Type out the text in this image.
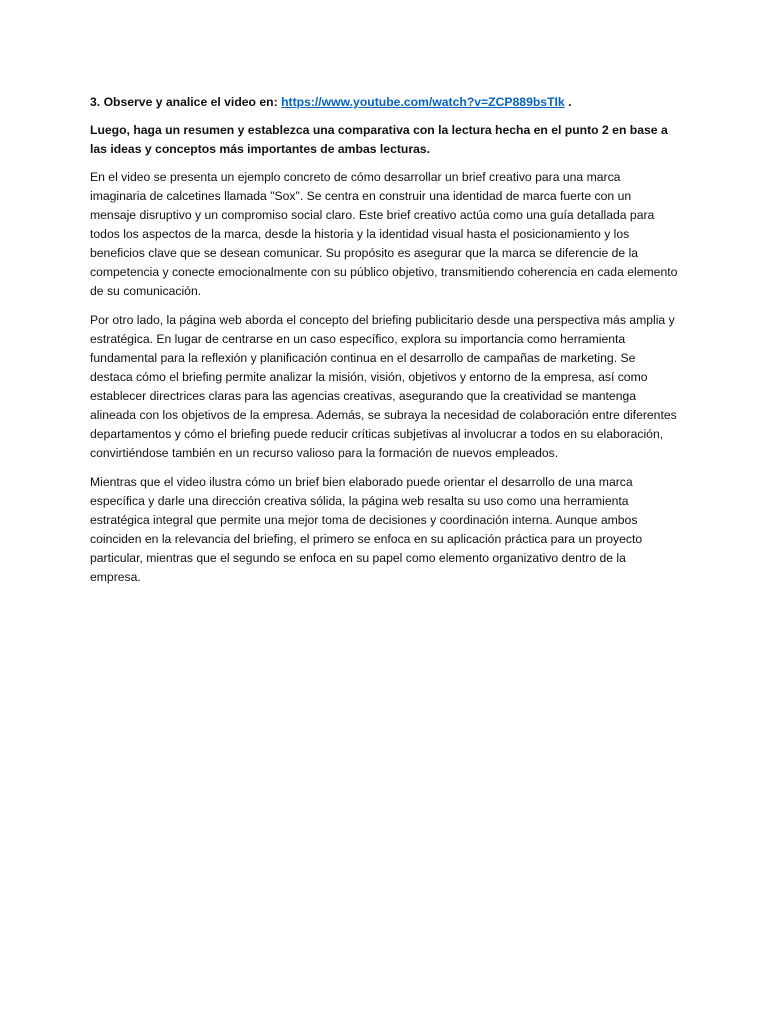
3. Observe y analice el video en: https://www.youtube.com/watch?v=ZCP889bsTIk .

Luego, haga un resumen y establezca una comparativa con la lectura hecha en el punto 2 en base a las ideas y conceptos más importantes de ambas lecturas.

En el video se presenta un ejemplo concreto de cómo desarrollar un brief creativo para una marca imaginaria de calcetines llamada "Sox". Se centra en construir una identidad de marca fuerte con un mensaje disruptivo y un compromiso social claro. Este brief creativo actúa como una guía detallada para todos los aspectos de la marca, desde la historia y la identidad visual hasta el posicionamiento y los beneficios clave que se desean comunicar. Su propósito es asegurar que la marca se diferencie de la competencia y conecte emocionalmente con su público objetivo, transmitiendo coherencia en cada elemento de su comunicación.

Por otro lado, la página web aborda el concepto del briefing publicitario desde una perspectiva más amplia y estratégica. En lugar de centrarse en un caso específico, explora su importancia como herramienta fundamental para la reflexión y planificación continua en el desarrollo de campañas de marketing. Se destaca cómo el briefing permite analizar la misión, visión, objetivos y entorno de la empresa, así como establecer directrices claras para las agencias creativas, asegurando que la creatividad se mantenga alineada con los objetivos de la empresa. Además, se subraya la necesidad de colaboración entre diferentes departamentos y cómo el briefing puede reducir críticas subjetivas al involucrar a todos en su elaboración, convirtiéndose también en un recurso valioso para la formación de nuevos empleados.

Mientras que el video ilustra cómo un brief bien elaborado puede orientar el desarrollo de una marca específica y darle una dirección creativa sólida, la página web resalta su uso como una herramienta estratégica integral que permite una mejor toma de decisiones y coordinación interna. Aunque ambos coinciden en la relevancia del briefing, el primero se enfoca en su aplicación práctica para un proyecto particular, mientras que el segundo se enfoca en su papel como elemento organizativo dentro de la empresa.
